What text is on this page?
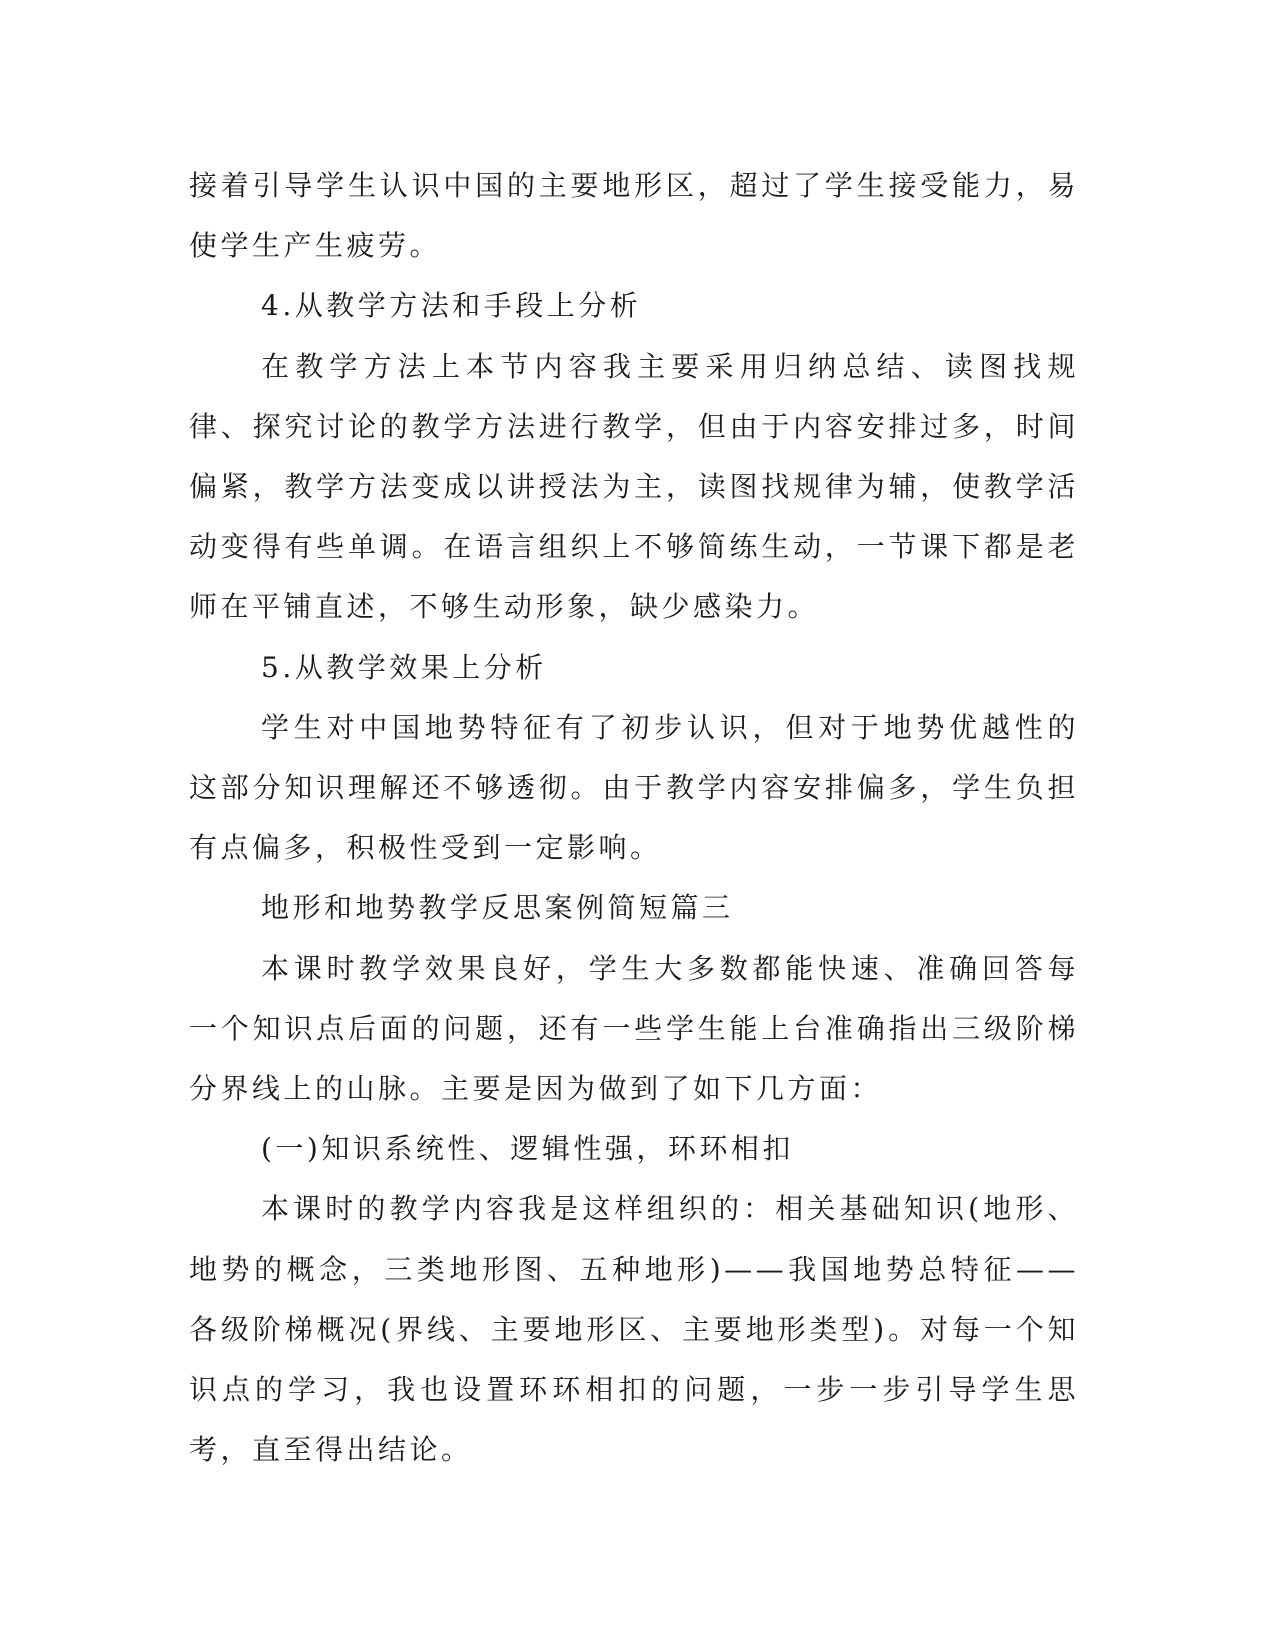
接着引导学生认识中国的主要地形区，超过了学生接受能力，易使学生产生疲劳。

4.从教学方法和手段上分析

在教学方法上本节内容我主要采用归纳总结、读图找规律、探究讨论的教学方法进行教学，但由于内容安排过多，时间偏紧，教学方法变成以讲授法为主，读图找规律为辅，使教学活动变得有些单调。在语言组织上不够简练生动，一节课下都是老师在平铺直述，不够生动形象，缺少感染力。

5.从教学效果上分析

学生对中国地势特征有了初步认识，但对于地势优越性的这部分知识理解还不够透彻。由于教学内容安排偏多，学生负担有点偏多，积极性受到一定影响。

地形和地势教学反思案例简短篇三

本课时教学效果良好，学生大多数都能快速、准确回答每一个知识点后面的问题，还有一些学生能上台准确指出三级阶梯分界线上的山脉。主要是因为做到了如下几方面：

(一)知识系统性、逻辑性强，环环相扣

本课时的教学内容我是这样组织的：相关基础知识(地形、地势的概念，三类地形图、五种地形)——我国地势总特征——各级阶梯概况(界线、主要地形区、主要地形类型)。对每一个知识点的学习，我也设置环环相扣的问题，一步一步引导学生思考，直至得出结论。
